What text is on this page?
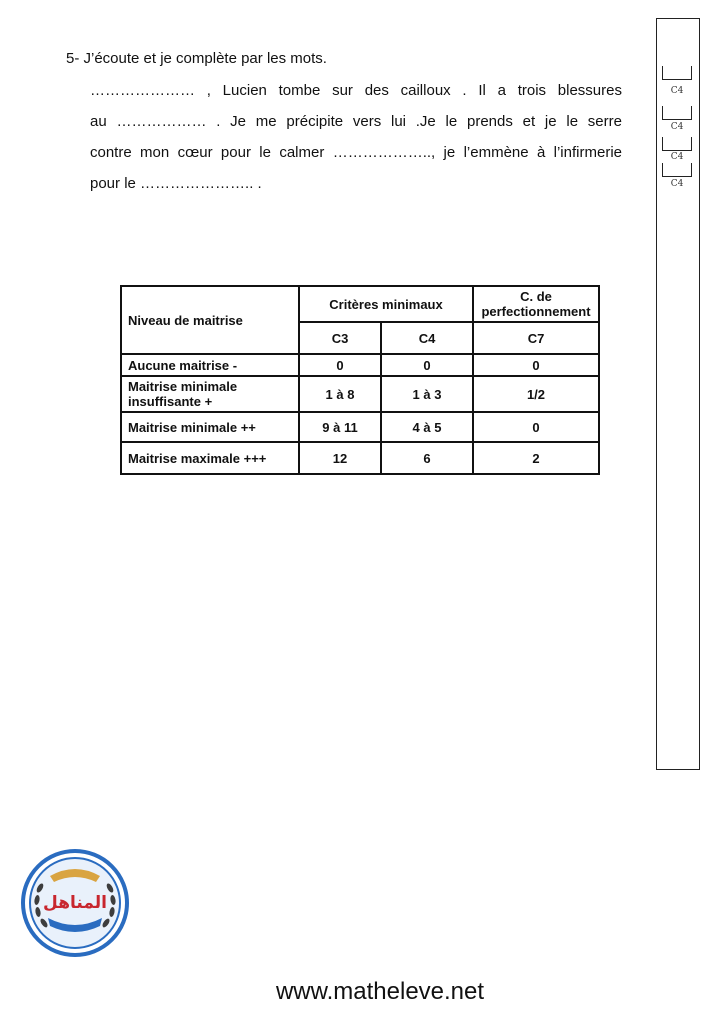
5- J’écoute et je complète par les mots.
………………… , Lucien tombe sur des cailloux . Il a trois blessures
au ……………… . Je me précipite vers lui .Je le prends et je le serre
contre mon cœur pour le calmer ……………….., je l’emmène à l’infirmerie
pour le ………………….. .
C4
C4
C4
C4
Niveau de maitrise	Critères minimaux		C. de perfectionnement
	C3	C4	C7
Aucune maitrise -	0	0	0
Maitrise minimale insuffisante +	1 à 8	1 à 3	1/2
Maitrise minimale ++	9 à 11	4 à 5	0
Maitrise maximale +++	12	6	2
المناهل
www.matheleve.net
